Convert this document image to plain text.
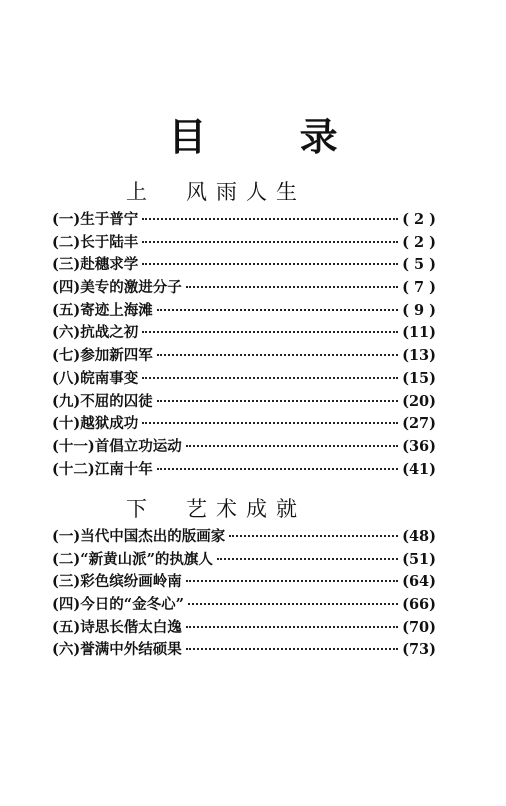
目 录
上 风雨人生
(一) 生于普宁	( 2 )
(二) 长于陆丰	( 2 )
(三) 赴穗求学	( 5 )
(四) 美专的激进分子	( 7 )
(五) 寄迹上海滩	( 9 )
(六) 抗战之初	(11)
(七) 参加新四军	(13)
(八) 皖南事变	(15)
(九) 不屈的囚徒	(20)
(十) 越狱成功	(27)
(十一) 首倡立功运动	(36)
(十二) 江南十年	(41)
下 艺术成就
(一) 当代中国杰出的版画家	(48)
(二) “新黄山派”的执旗人	(51)
(三) 彩色缤纷画岭南	(64)
(四) 今日的“金冬心”	(66)
(五) 诗思长偕太白逸	(70)
(六) 誉满中外结硕果	(73)
